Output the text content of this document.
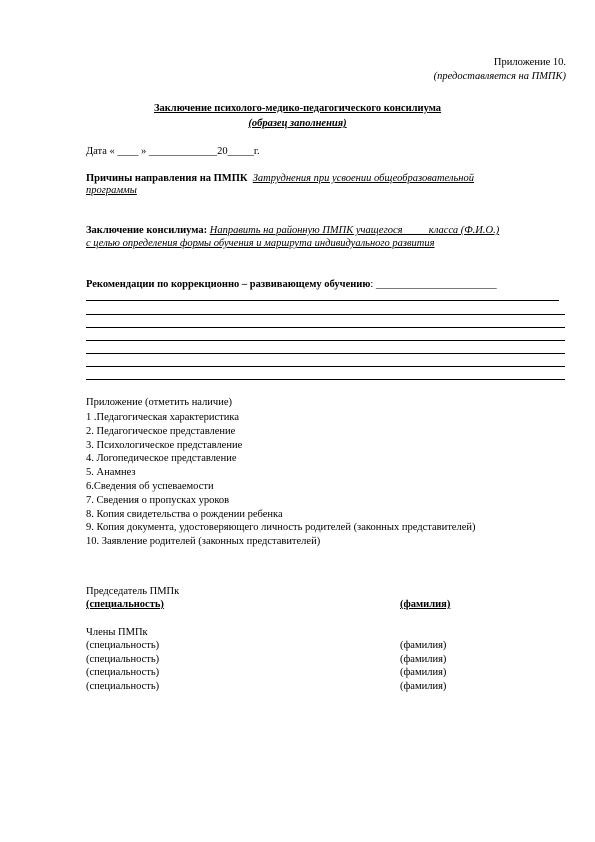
Приложение 10.
(предоставляется на ПМПК)
Заключение психолого-медико-педагогического консилиума
(образец заполнения)
Дата « ____ » _____________20_____г.
Причины направления на ПМПК Затруднения при усвоении общеобразовательной
программы
Заключение консилиума: Направить на районную ПМПК учащегося ____ класса (Ф.И.О.)
с целью определения формы обучения и маршрута индивидуального развития
Рекомендации по коррекционно – развивающему обучению: _______________________
Приложение (отметить наличие)
1 .Педагогическая характеристика
2. Педагогическое представление
3. Психологическое представление
4. Логопедическое представление
5. Анамнез
6.Сведения об успеваемости
7. Сведения о пропусках уроков
8. Копия свидетельства о рождении ребенка
9. Копия документа, удостоверяющего личность родителей (законных представителей)
10. Заявление родителей (законных представителей)
Председатель ПМПк
(специальность)	(фамилия)
Члены ПМПк
(специальность)	(фамилия)
(специальность)	(фамилия)
(специальность)	(фамилия)
(специальность)	(фамилия)
